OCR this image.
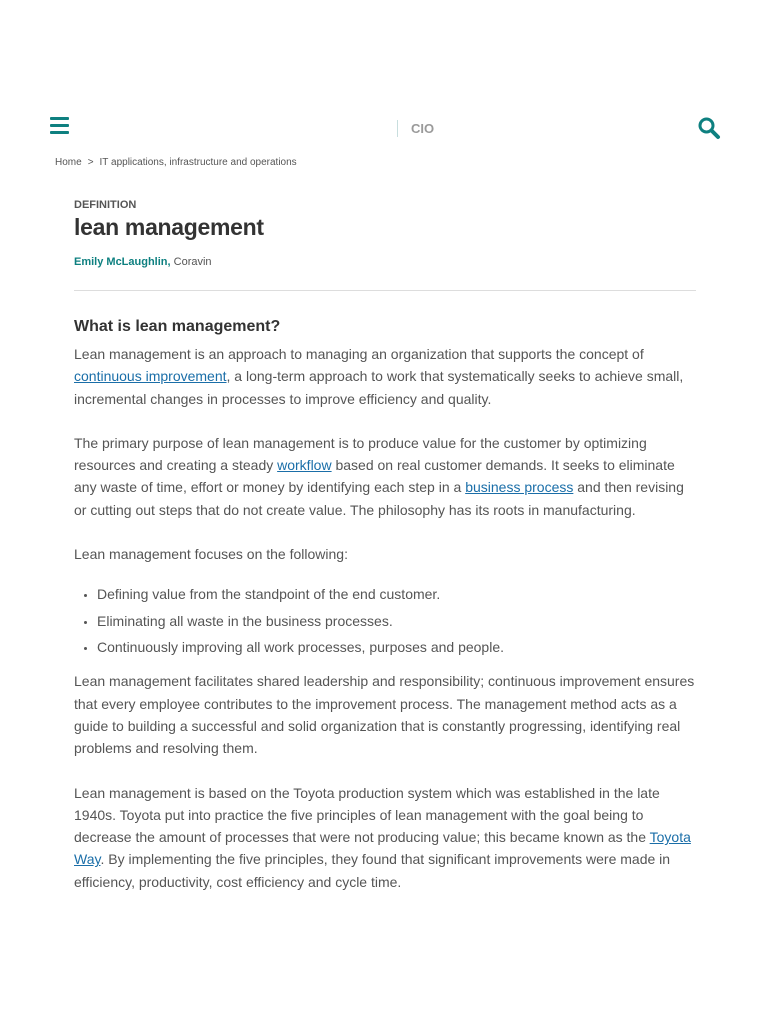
CIO
Home > IT applications, infrastructure and operations
DEFINITION
lean management
Emily McLaughlin, Coravin
What is lean management?

Lean management is an approach to managing an organization that supports the concept of continuous improvement, a long-term approach to work that systematically seeks to achieve small, incremental changes in processes to improve efficiency and quality.

The primary purpose of lean management is to produce value for the customer by optimizing resources and creating a steady workflow based on real customer demands. It seeks to eliminate any waste of time, effort or money by identifying each step in a business process and then revising or cutting out steps that do not create value. The philosophy has its roots in manufacturing.

Lean management focuses on the following:

• Defining value from the standpoint of the end customer.
• Eliminating all waste in the business processes.
• Continuously improving all work processes, purposes and people.

Lean management facilitates shared leadership and responsibility; continuous improvement ensures that every employee contributes to the improvement process. The management method acts as a guide to building a successful and solid organization that is constantly progressing, identifying real problems and resolving them.

Lean management is based on the Toyota production system which was established in the late 1940s. Toyota put into practice the five principles of lean management with the goal being to decrease the amount of processes that were not producing value; this became known as the Toyota Way. By implementing the five principles, they found that significant improvements were made in efficiency, productivity, cost efficiency and cycle time.
